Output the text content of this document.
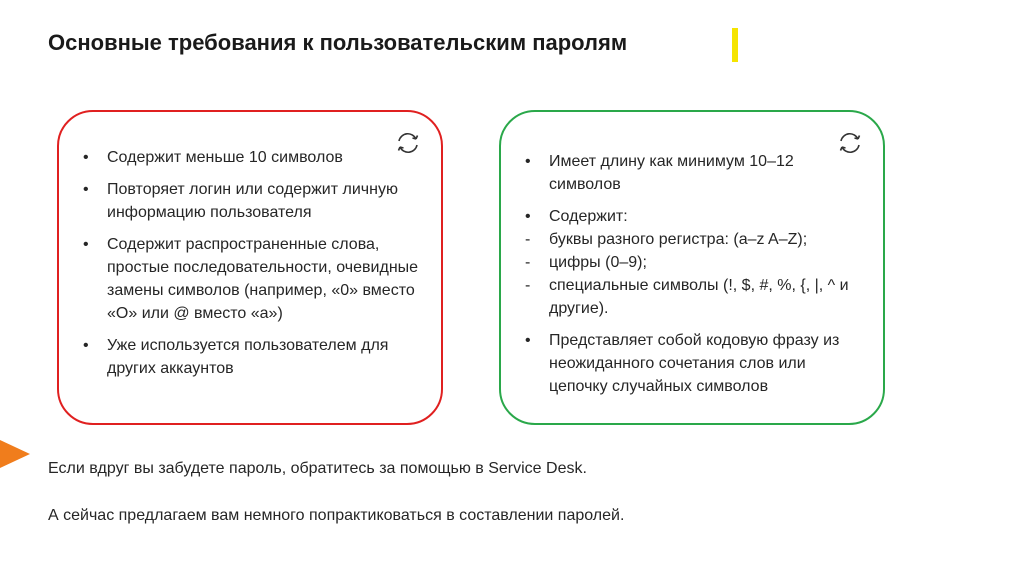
Основные требования к пользовательским паролям
• Содержит меньше 10 символов
• Повторяет логин или содержит личную информацию пользователя
• Содержит распространенные слова, простые последовательности, очевидные замены символов (например, «0» вместо «О» или @ вместо «а»)
• Уже используется пользователем для других аккаунтов
• Имеет длину как минимум 10–12 символов
• Содержит:
- буквы разного регистра: (a–z A–Z);
- цифры (0–9);
- специальные символы (!, $, #, %, {, |, ^ и другие).
• Представляет собой кодовую фразу из неожиданного сочетания слов или цепочку случайных символов

Если вдруг вы забудете пароль, обратитесь за помощью в Service Desk.

А сейчас предлагаем вам немного попрактиковаться в составлении паролей.
